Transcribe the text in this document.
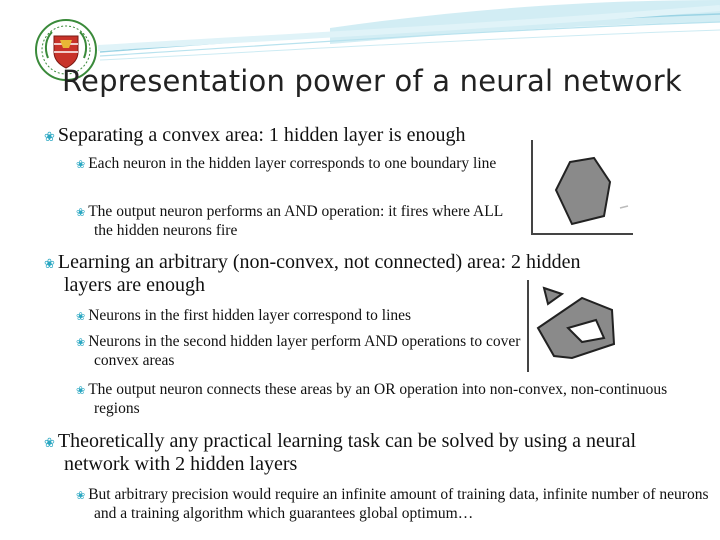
Representation power of a neural network
❀ Separating a convex area: 1 hidden layer is enough
❀ Each neuron in the hidden layer corresponds to one boundary line
❀ The output neuron performs an AND operation: it fires where ALL the hidden neurons fire
❀ Learning an arbitrary (non-convex, not connected) area: 2 hidden layers are enough
❀ Neurons in the first hidden layer correspond to lines
❀ Neurons in the second hidden layer perform AND operations to cover convex areas
❀ The output neuron connects these areas by an OR operation into non-convex, non-continuous regions
❀ Theoretically any practical learning task can be solved by using a neural network with 2 hidden layers
❀ But arbitrary precision would require an infinite amount of training data, infinite number of neurons and a training algorithm which guarantees global optimum…
